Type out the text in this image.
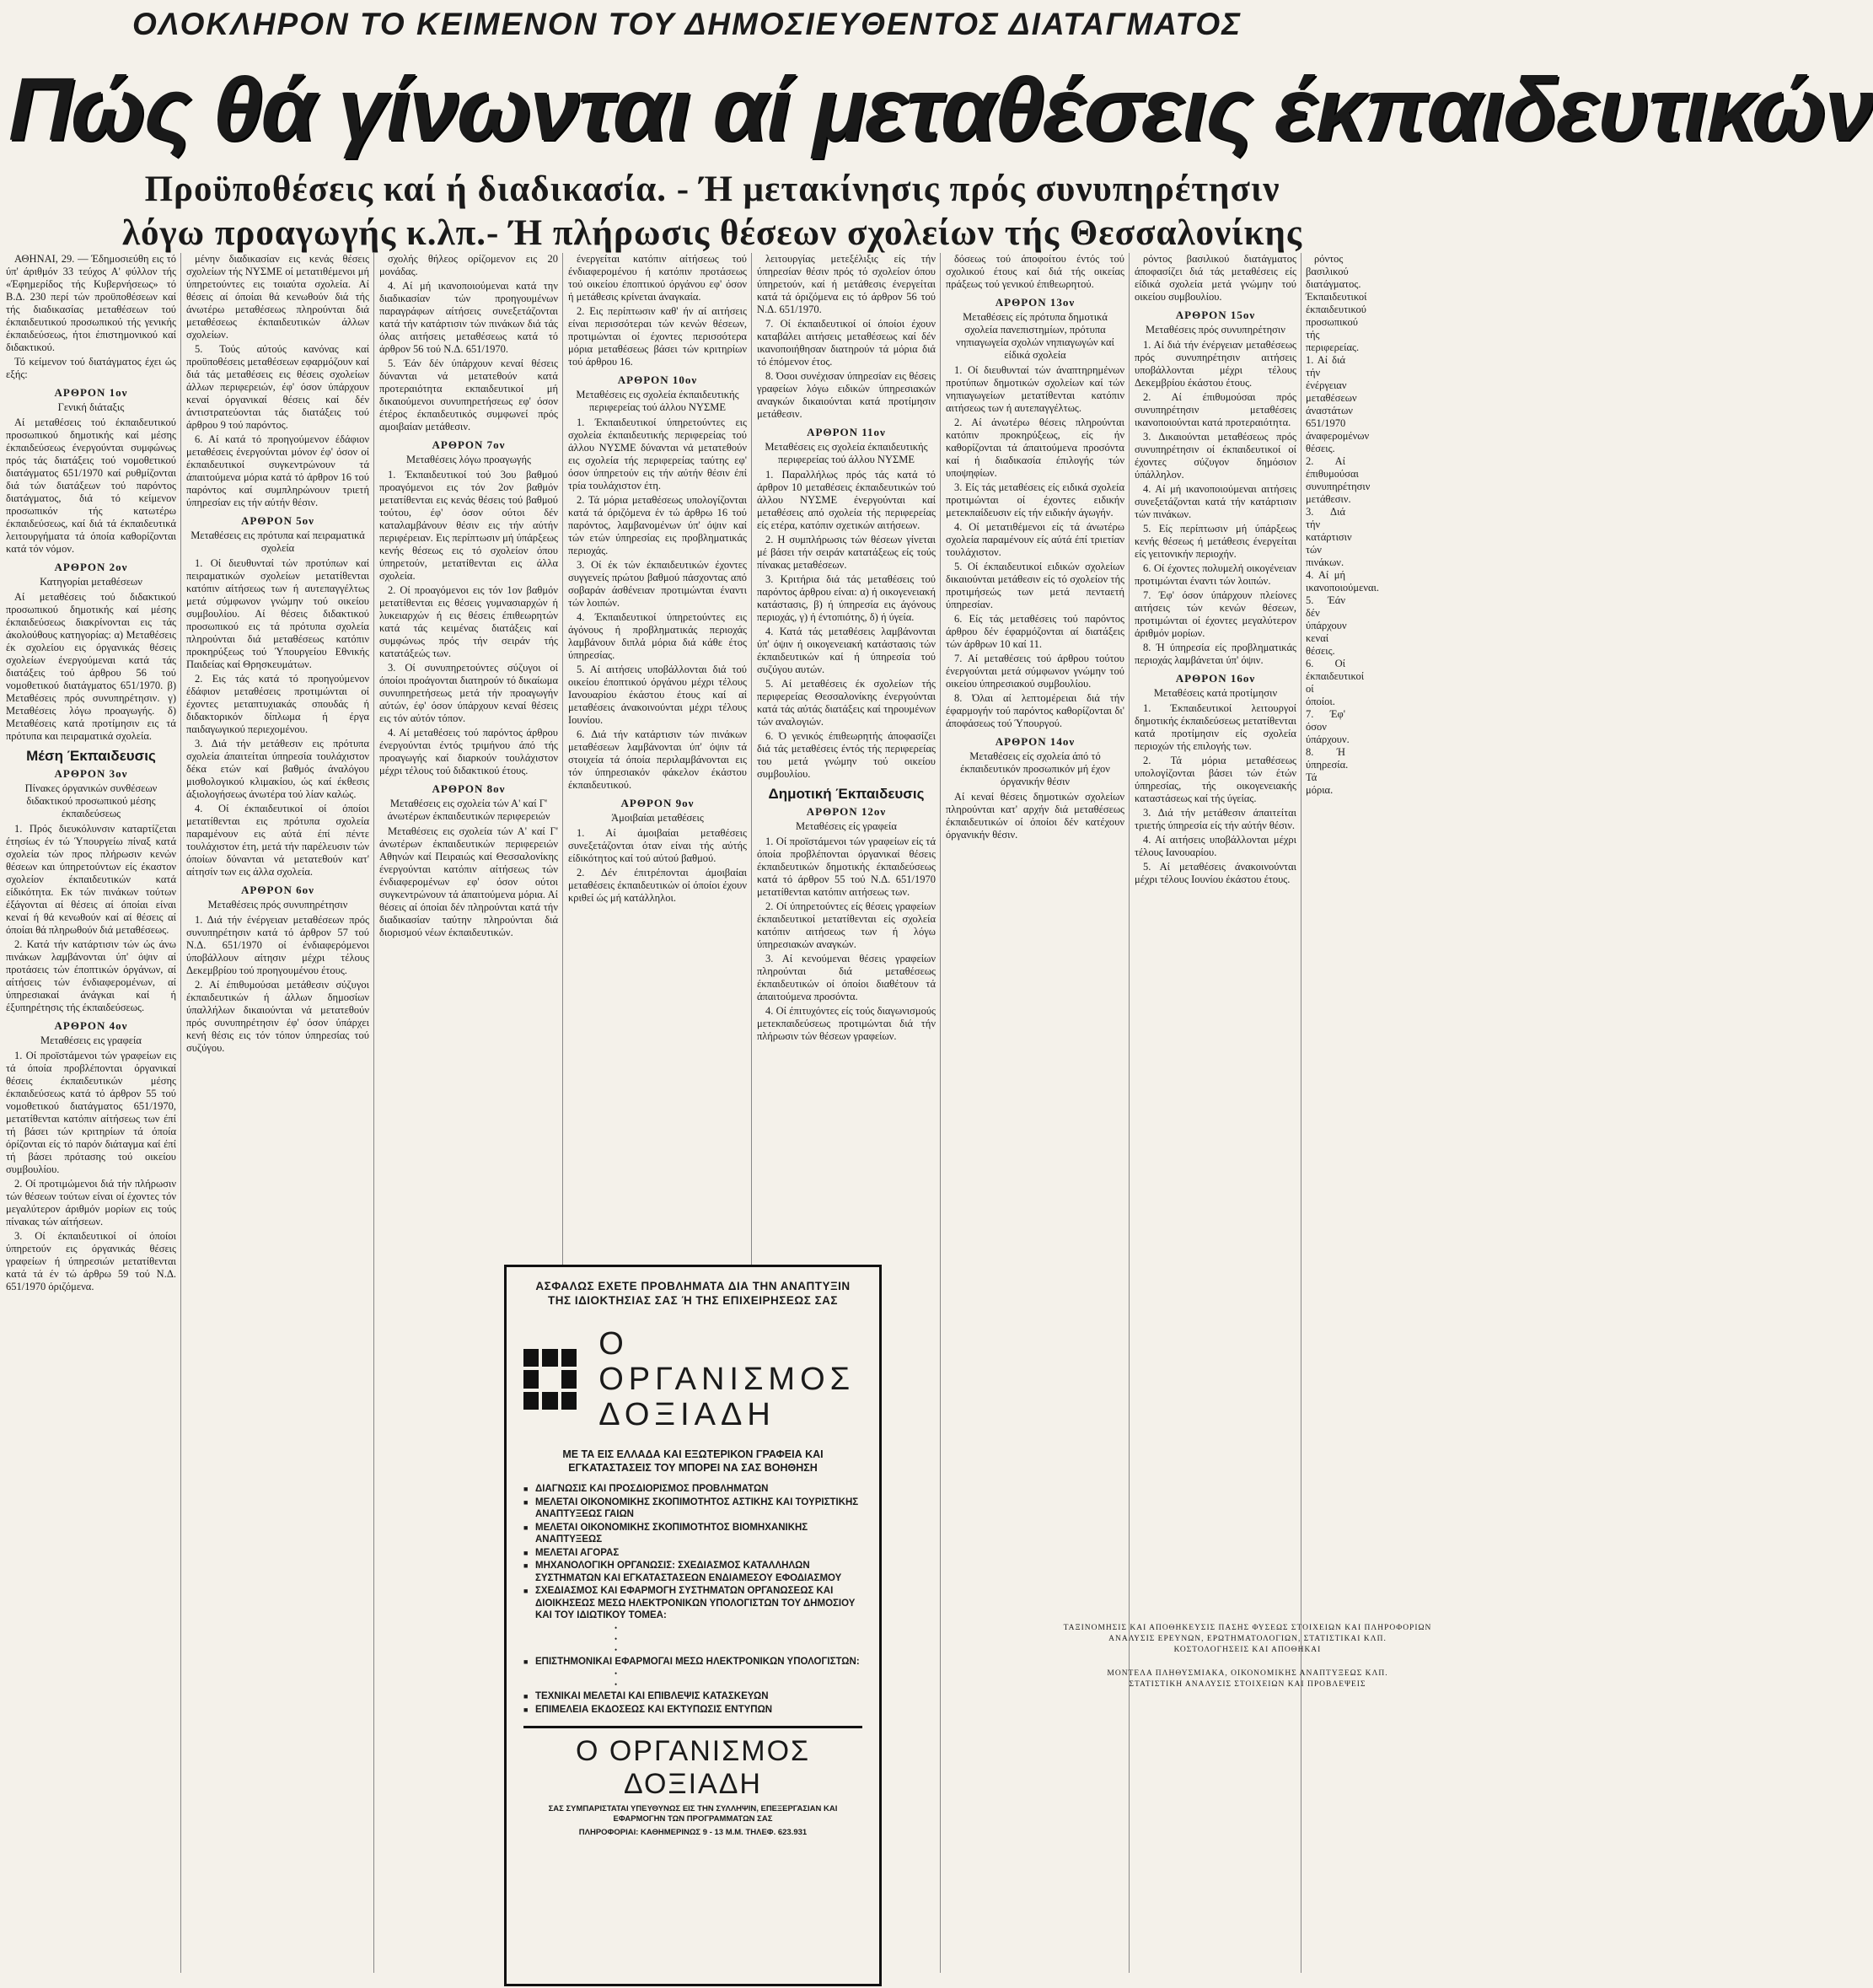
ΟΛΟΚΛΗΡΟΝ ΤΟ ΚΕΙΜΕΝΟΝ ΤΟΥ ΔΗΜΟΣΙΕΥΘΕΝΤΟΣ ΔΙΑΤΑΓΜΑΤΟΣ
Πώς θά γίνωνται αί μεταθέσεις έκπαιδευτικών
Προϋποθέσεις καί ή διαδικασία. - Ή μετακίνησις πρός συνυπηρέτησιν
λόγω προαγωγής κ.λπ.- Ή πλήρωσις θέσεων σχολείων τής Θεσσαλονίκης

ΑΘΗΝΑΙ, 29. — Έδημοσιεύθη εις τό ύπ' άριθμόν 33 τεύχος Α' φύλλον τής «Έφημερίδος τής Κυβερνήσεως» τό Β.Δ. 230 περί τών προϋποθέσεων καί τής διαδικασίας μεταθέσεων τού έκπαιδευτικού προσωπικού τής γενικής έκπαιδεύσεως, ήτοι έπιστημονικού καί διδακτικού.

Τό κείμενον τού διατάγματος έχει ώς εξής:

ΑΡΘΡΟΝ 1ον
Γενική διάταξις

Αί μεταθέσεις τού έκπαιδευτικού προσωπικού δημοτικής καί μέσης έκπαιδεύσεως ένεργούνται συμφώνως πρός τάς διατάξεις τού νομοθετικού διατάγματος 651/1970 καί ρυθμίζονται διά τών διατάξεων τού παρόντος διατάγματος, διά τό κείμενον προσωπικόν τής κατωτέρω έκπαιδεύσεως, καί διά τά έκπαιδευτικά λειτουργήματα τά όποία καθορίζονται κατά τόν νόμον.

ΑΡΘΡΟΝ 2ον
Κατηγορίαι μεταθέσεων

Αί μεταθέσεις τού διδακτικού προσωπικού δημοτικής καί μέσης έκπαιδεύσεως διακρίνονται εις τάς άκολούθους κατηγορίας: α) Μεταθέσεις έκ σχολείου εις όργανικάς θέσεις σχολείων ένεργούμεναι κατά τάς διατάξεις τού άρθρου 56 τού νομοθετικού διατάγματος 651/1970. β) Μεταθέσεις πρός συνυπηρέτησιν. γ) Μεταθέσεις λόγω προαγωγής. δ) Μεταθέσεις κατά προτίμησιν εις τά πρότυπα και πειραματικά σχολεία.

Μέση Έκπαιδευσις
ΑΡΘΡΟΝ 3ον
Πίνακες όργανικών συνθέσεων διδακτικού προσωπικού μέσης έκπαιδεύσεως

1. Πρός διευκόλυνσιν καταρτίζεται έτησίως έν τώ Ύπουργείω πίναξ κατά σχολεία τών προς πλήρωσιν κενών θέσεων και ύπηρετούντων είς έκαστον σχολείον έκπαιδευτικών κατά είδικότητα. Εκ τών πινάκων τούτων έξάγονται αί θέσεις αί όποίαι είναι κεναί ή θά κενωθούν καί αί θέσεις αί όποίαι θά πληρωθούν διά μεταθέσεως.

2. Κατά τήν κατάρτισιν τών ώς άνω πινάκων λαμβάνονται ύπ' όψιν αί προτάσεις τών έποπτικών όργάνων, αί αίτήσεις τών ένδιαφερομένων, αί ύπηρεσιακαί άνάγκαι καί ή έξυπηρέτησις τής έκπαιδεύσεως.

ΑΡΘΡΟΝ 4ον
Μεταθέσεις εις γραφεία

1. Οί προϊστάμενοι τών γραφείων εις τά όποία προβλέπονται όργανικαί θέσεις έκπαιδευτικών μέσης έκπαιδεύσεως κατά τό άρθρον 55 τού νομοθετικού διατάγματος 651/1970, μετατίθενται κατόπιν αίτήσεως των έπί τή βάσει τών κριτηρίων τά όποία όρίζονται είς τό παρόν διάταγμα καί έπί τή βάσει πρότασης τού οικείου συμβουλίου.

2. Οί προτιμώμενοι διά τήν πλήρωσιν τών θέσεων τούτων είναι οί έχοντες τόν μεγαλύτερον άριθμόν μορίων εις τούς πίνακας τών αίτήσεων.

3. Οί έκπαιδευτικοί οί όποίοι ύπηρετούν εις όργανικάς θέσεις γραφείων ή ύπηρεσιών μετατίθενται κατά τά έν τώ άρθρω 59 τού Ν.Δ. 651/1970 όριζόμενα.

μένην διαδικασίαν εις κενάς θέσεις σχολείων τής ΝΥΣΜΕ οί μετατιθέμενοι μή ύπηρετούντες εις τοιαύτα σχολεία. Αί θέσεις αί όποίαι θά κενωθούν διά τής άνωτέρω μεταθέσεως πληρούνται διά μεταθέσεως έκπαιδευτικών άλλων σχολείων.

5. Τούς αύτούς κανόνας καί προϋποθέσεις μεταθέσεων εφαρμόζουν καί διά τάς μεταθέσεις εις θέσεις σχολείων άλλων περιφερειών, έφ' όσον ύπάρχουν κεναί όργανικαί θέσεις καί δέν άντιστρατεύονται τάς διατάξεις τού άρθρου 9 τού παρόντος.

6. Αί κατά τό προηγούμενον έδάφιον μεταθέσεις ένεργούνται μόνον έφ' όσον οί έκπαιδευτικοί συγκεντρώνουν τά άπαιτούμενα μόρια κατά τό άρθρον 16 τού παρόντος καί συμπληρώνουν τριετή ύπηρεσίαν εις τήν αύτήν θέσιν.

ΑΡΘΡΟΝ 5ον
Μεταθέσεις εις πρότυπα καί πειραματικά σχολεία

1. Οί διευθυνταί τών προτύπων καί πειραματικών σχολείων μετατίθενται κατόπιν αίτήσεως των ή αυτεπαγγέλτως μετά σύμφωνον γνώμην τού οικείου συμβουλίου. Αί θέσεις διδακτικού προσωπικού εις τά πρότυπα σχολεία πληρούνται διά μεταθέσεως κατόπιν προκηρύξεως τού Ύπουργείου Εθνικής Παιδείας καί Θρησκευμάτων.

2. Εις τάς κατά τό προηγούμενον έδάφιον μεταθέσεις προτιμώνται οί έχοντες μεταπτυχιακάς σπουδάς ή διδακτορικόν δίπλωμα ή έργα παιδαγωγικού περιεχομένου.

3. Διά τήν μετάθεσιν εις πρότυπα σχολεία άπαιτείται ύπηρεσία τουλάχιστον δέκα ετών καί βαθμός άναλόγου μισθολογικού κλιμακίου, ώς καί έκθεσις άξιολογήσεως άνωτέρα τού λίαν καλώς.

4. Οί έκπαιδευτικοί οί όποίοι μετατίθενται εις πρότυπα σχολεία παραμένουν εις αύτά έπί πέντε τουλάχιστον έτη, μετά τήν παρέλευσιν τών όποίων δύνανται νά μετατεθούν κατ' αίτησίν των εις άλλα σχολεία.

ΑΡΘΡΟΝ 6ον
Μεταθέσεις πρός συνυπηρέτησιν

1. Διά τήν ένέργειαν μεταθέσεων πρός συνυπηρέτησιν κατά τό άρθρον 57 τού Ν.Δ. 651/1970 οί ένδιαφερόμενοι ύποβάλλουν αίτησιν μέχρι τέλους Δεκεμβρίου τού προηγουμένου έτους.

2. Αί έπιθυμούσαι μετάθεσιν σύζυγοι έκπαιδευτικών ή άλλων δημοσίων ύπαλλήλων δικαιούνται νά μετατεθούν πρός συνυπηρέτησιν έφ' όσον ύπάρχει κενή θέσις εις τόν τόπον ύπηρεσίας τού συζύγου.

σχολής θήλεος ορίζομενον εις 20 μονάδας.

4. Αί μή ικανοποιούμεναι κατά την διαδικασίαν τών προηγουμένων παραγράφων αίτήσεις συνεξετάζονται κατά τήν κατάρτισιν τών πινάκων διά τάς όλας αιτήσεις μεταθέσεως κατά τό άρθρον 56 τού Ν.Δ. 651/1970.

5. Έάν δέν ύπάρχουν κεναί θέσεις δύνανται νά μετατεθούν κατά προτεραιότητα εκπαιδευτικοί μή δικαιούμενοι συνυπηρετήσεως εφ' όσον έτέρος έκπαιδευτικός συμφωνεί πρός αμοιβαίαν μετάθεσιν.

ΑΡΘΡΟΝ 7ον
Μεταθέσεις λόγω προαγωγής

1. Έκπαιδευτικοί τού 3ου βαθμού προαγόμενοι εις τόν 2ον βαθμόν μετατίθενται εις κενάς θέσεις τού βαθμού τούτου, έφ' όσον ούτοι δέν καταλαμβάνουν θέσιν εις τήν αύτήν περιφέρειαν. Εις περίπτωσιν μή ύπάρξεως κενής θέσεως εις τό σχολείον όπου ύπηρετούν, μετατίθενται εις άλλα σχολεία.

2. Οί προαγόμενοι εις τόν 1ον βαθμόν μετατίθενται εις θέσεις γυμνασιαρχών ή λυκειαρχών ή εις θέσεις έπιθεωρητών κατά τάς κειμένας διατάξεις καί συμφώνως πρός τήν σειράν τής κατατάξεώς των.

3. Οί συνυπηρετούντες σύζυγοι οί όποίοι προάγονται διατηρούν τό δικαίωμα συνυπηρετήσεως μετά τήν προαγωγήν αύτών, έφ' όσον ύπάρχουν κεναί θέσεις εις τόν αύτόν τόπον.

4. Αί μεταθέσεις τού παρόντος άρθρου ένεργούνται έντός τριμήνου άπό τής προαγωγής καί διαρκούν τουλάχιστον μέχρι τέλους τού διδακτικού έτους.

ΑΡΘΡΟΝ 8ον
Μεταθέσεις εις σχολεία τών Α' καί Γ' άνωτέρων έκπαιδευτικών περιφερειών

Μεταθέσεις εις σχολεία τών Α' καί Γ' άνωτέρων έκπαιδευτικών περιφερειών Αθηνών καί Πειραιώς καί Θεσσαλονίκης ένεργούνται κατόπιν αίτήσεως τών ένδιαφερομένων εφ' όσον ούτοι συγκεντρώνουν τά άπαιτούμενα μόρια. Αί θέσεις αί όποίαι δέν πληρούνται κατά τήν διαδικασίαν ταύτην πληρούνται διά διορισμού νέων έκπαιδευτικών.

ένεργείται κατόπιν αίτήσεως τού ένδιαφερομένου ή κατόπιν προτάσεως τού οικείου έποπτικού όργάνου εφ' όσον ή μετάθεσις κρίνεται άναγκαία.

2. Εις περίπτωσιν καθ' ήν αί αιτήσεις είναι περισσότεραι τών κενών θέσεων, προτιμώνται οί έχοντες περισσότερα μόρια μεταθέσεως βάσει τών κριτηρίων τού άρθρου 16.

ΑΡΘΡΟΝ 10ον
Μεταθέσεις εις σχολεία έκπαιδευτικής περιφερείας τού άλλου ΝΥΣΜΕ

1. Έκπαιδευτικοί ύπηρετούντες εις σχολεία έκπαιδευτικής περιφερείας τού άλλου ΝΥΣΜΕ δύνανται νά μετατεθούν εις σχολεία τής περιφερείας ταύτης εφ' όσον ύπηρετούν εις τήν αύτήν θέσιν έπί τρία τουλάχιστον έτη.

2. Τά μόρια μεταθέσεως υπολογίζονται κατά τά όριζόμενα έν τώ άρθρω 16 τού παρόντος, λαμβανομένων ύπ' όψιν καί τών ετών ύπηρεσίας εις προβληματικάς περιοχάς.

3. Οί έκ τών έκπαιδευτικών έχοντες συγγενείς πρώτου βαθμού πάσχοντας από σοβαράν άσθένειαν προτιμώνται έναντι τών λοιπών.

4. Έκπαιδευτικοί ύπηρετούντες εις άγόνους ή προβληματικάς περιοχάς λαμβάνουν διπλά μόρια διά κάθε έτος ύπηρεσίας.

5. Αί αιτήσεις υποβάλλονται διά τού οικείου έποπτικού όργάνου μέχρι τέλους Ιανουαρίου έκάστου έτους καί αί μεταθέσεις άνακοινούνται μέχρι τέλους Ιουνίου.

6. Διά τήν κατάρτισιν τών πινάκων μεταθέσεων λαμβάνονται ύπ' όψιν τά στοιχεία τά όποία περιλαμβάνονται εις τόν ύπηρεσιακόν φάκελον έκάστου έκπαιδευτικού.

ΑΡΘΡΟΝ 9ον
Άμοιβαίαι μεταθέσεις

1. Αί άμοιβαίαι μεταθέσεις συνεξετάζονται όταν είναι τής αύτής είδικότητος καί τού αύτού βαθμού.

2. Δέν έπιτρέπονται άμοιβαίαι μεταθέσεις έκπαιδευτικών οί όποίοι έχουν κριθεί ώς μή κατάλληλοι.

λειτουργίας μετεξέλιξις είς τήν ύπηρεσίαν θέσιν πρός τό σχολείον όπου ύπηρετούν, καί ή μετάθεσις ένεργείται κατά τά όριζόμενα εις τό άρθρον 56 τού Ν.Δ. 651/1970.

7. Οί έκπαιδευτικοί οί όποίοι έχουν καταβάλει αιτήσεις μεταθέσεως καί δέν ικανοποιήθησαν διατηρούν τά μόρια διά τό έπόμενον έτος.

8. Όσοι συνέχισαν ύπηρεσίαν εις θέσεις γραφείων λόγω ειδικών ύπηρεσιακών αναγκών δικαιούνται κατά προτίμησιν μετάθεσιν.

ΑΡΘΡΟΝ 11ον
Μεταθέσεις εις σχολεία έκπαιδευτικής περιφερείας τού άλλου ΝΥΣΜΕ

1. Παραλλήλως πρός τάς κατά τό άρθρον 10 μεταθέσεις έκπαιδευτικών τού άλλου ΝΥΣΜΕ ένεργούνται καί μεταθέσεις από σχολεία τής περιφερείας είς ετέρα, κατόπιν σχετικών αιτήσεων.

2. Η συμπλήρωσις τών θέσεων γίνεται μέ βάσει τήν σειράν κατατάξεως είς τούς πίνακας μεταθέσεων.

3. Κριτήρια διά τάς μεταθέσεις τού παρόντος άρθρου είναι: α) ή οικογενειακή κατάστασις, β) ή ύπηρεσία εις άγόνους περιοχάς, γ) ή έντοπιότης, δ) ή ύγεία.

4. Κατά τάς μεταθέσεις λαμβάνονται ύπ' όψιν ή οικογενειακή κατάστασις τών έκπαιδευτικών καί ή ύπηρεσία τού συζύγου αυτών.

5. Αί μεταθέσεις έκ σχολείων τής περιφερείας Θεσσαλονίκης ένεργούνται κατά τάς αύτάς διατάξεις καί τηρουμένων τών αναλογιών.

6. Ό γενικός έπιθεωρητής άποφασίζει διά τάς μεταθέσεις έντός τής περιφερείας του μετά γνώμην τού οικείου συμβουλίου.

Δημοτική Έκπαιδευσις
ΑΡΘΡΟΝ 12ον
Μεταθέσεις είς γραφεία

1. Οί προϊστάμενοι τών γραφείων είς τά όποία προβλέπονται όργανικαί θέσεις έκπαιδευτικών δημοτικής έκπαιδεύσεως κατά τό άρθρον 55 τού Ν.Δ. 651/1970 μετατίθενται κατόπιν αιτήσεως των.

2. Οί ύπηρετούντες είς θέσεις γραφείων έκπαιδευτικοί μετατίθενται είς σχολεία κατόπιν αιτήσεως των ή λόγω ύπηρεσιακών αναγκών.

3. Αί κενούμεναι θέσεις γραφείων πληρούνται διά μεταθέσεως έκπαιδευτικών οί όποίοι διαθέτουν τά άπαιτούμενα προσόντα.

4. Οί έπιτυχόντες είς τούς διαγωνισμούς μετεκπαιδεύσεως προτιμώνται διά τήν πλήρωσιν τών θέσεων γραφείων.

δόσεως τού άποφοίτου έντός τού σχολικού έτους καί διά τής οικείας πράξεως τού γενικού έπιθεωρητού.

ΑΡΘΡΟΝ 13ον
Μεταθέσεις είς πρότυπα δημοτικά σχολεία πανεπιστημίων, πρότυπα νηπιαγωγεία σχολών νηπιαγωγών καί είδικά σχολεία

1. Οί διευθυνταί τών άναπτηρημένων προτύπων δημοτικών σχολείων καί τών νηπιαγωγείων μετατίθενται κατόπιν αιτήσεως των ή αυτεπαγγέλτως.

2. Αί άνωτέρω θέσεις πληρούνται κατόπιν προκηρύξεως, είς ήν καθορίζονται τά άπαιτούμενα προσόντα καί ή διαδικασία έπιλογής τών υποψηφίων.

3. Είς τάς μεταθέσεις είς ειδικά σχολεία προτιμώνται οί έχοντες ειδικήν μετεκπαίδευσιν είς τήν ειδικήν άγωγήν.

4. Οί μετατιθέμενοι είς τά άνωτέρω σχολεία παραμένουν είς αύτά έπί τριετίαν τουλάχιστον.

5. Οί έκπαιδευτικοί ειδικών σχολείων δικαιούνται μετάθεσιν είς τό σχολείον τής προτιμήσεώς των μετά πενταετή ύπηρεσίαν.

6. Είς τάς μεταθέσεις τού παρόντος άρθρου δέν έφαρμόζονται αί διατάξεις τών άρθρων 10 καί 11.

7. Αί μεταθέσεις τού άρθρου τούτου ένεργούνται μετά σύμφωνον γνώμην τού οικείου ύπηρεσιακού συμβουλίου.

8. Όλαι αί λεπτομέρειαι διά τήν έφαρμογήν τού παρόντος καθορίζονται δι' άποφάσεως τού Ύπουργού.

ΑΡΘΡΟΝ 14ον
Μεταθέσεις είς σχολεία άπό τό έκπαιδευτικόν προσωπικόν μή έχον όργανικήν θέσιν

Αί κεναί θέσεις δημοτικών σχολείων πληρούνται κατ' αρχήν διά μεταθέσεως έκπαιδευτικών οί όποίοι δέν κατέχουν όργανικήν θέσιν.

ρόντος βασιλικού διατάγματος άποφασίζει διά τάς μεταθέσεις είς είδικά σχολεία μετά γνώμην τού οικείου συμβουλίου.

ΑΡΘΡΟΝ 15ον
Μεταθέσεις πρός συνυπηρέτησιν

1. Αί διά τήν ένέργειαν μεταθέσεως πρός συνυπηρέτησιν αιτήσεις υποβάλλονται μέχρι τέλους Δεκεμβρίου έκάστου έτους.

2. Αί έπιθυμούσαι πρός συνυπηρέτησιν μεταθέσεις ικανοποιούνται κατά προτεραιότητα.

3. Δικαιούνται μεταθέσεως πρός συνυπηρέτησιν οί έκπαιδευτικοί οί έχοντες σύζυγον δημόσιον ύπάλληλον.

4. Αί μή ικανοποιούμεναι αιτήσεις συνεξετάζονται κατά τήν κατάρτισιν τών πινάκων.

5. Είς περίπτωσιν μή ύπάρξεως κενής θέσεως ή μετάθεσις ένεργείται είς γειτονικήν περιοχήν.

6. Οί έχοντες πολυμελή οικογένειαν προτιμώνται έναντι τών λοιπών.

7. Έφ' όσον ύπάρχουν πλείονες αιτήσεις τών κενών θέσεων, προτιμώνται οί έχοντες μεγαλύτερον άριθμόν μορίων.

8. Ή ύπηρεσία είς προβληματικάς περιοχάς λαμβάνεται ύπ' όψιν.

ΑΡΘΡΟΝ 16ον
Μεταθέσεις κατά προτίμησιν

1. Έκπαιδευτικοί λειτουργοί δημοτικής έκπαιδεύσεως μετατίθενται κατά προτίμησιν είς σχολεία περιοχών τής επιλογής των.

2. Τά μόρια μεταθέσεως υπολογίζονται βάσει τών έτών ύπηρεσίας, τής οικογενειακής καταστάσεως καί τής ύγείας.

3. Διά τήν μετάθεσιν άπαιτείται τριετής ύπηρεσία είς τήν αύτήν θέσιν.

4. Αί αιτήσεις υποβάλλονται μέχρι τέλους Ιανουαρίου.

5. Αί μεταθέσεις άνακοινούνται μέχρι τέλους Ιουνίου έκάστου έτους.

ρόντος βασιλικού διατάγματος. Έκπαιδευτικοί έκπαιδευτικού προσωπικού τής περιφερείας. 1. Αί διά τήν ένέργειαν μεταθέσεων άναστάτων 651/1970 άναφερομένων θέσεις. 2. Αί έπιθυμούσαι συνυπηρέτησιν μετάθεσιν. 3. Διά τήν κατάρτισιν τών πινάκων. 4. Αί μή ικανοποιούμεναι. 5. Έάν δέν ύπάρχουν κεναί θέσεις. 6. Οί έκπαιδευτικοί οί όποίοι. 7. Έφ' όσον ύπάρχουν. 8. Ή ύπηρεσία. Τά μόρια.

ΑΣΦΑΛΩΣ ΕΧΕΤΕ ΠΡΟΒΛΗΜΑΤΑ ΔΙΑ ΤΗΝ ΑΝΑΠΤΥΞΙΝ ΤΗΣ ΙΔΙΟΚΤΗΣΙΑΣ ΣΑΣ Ή ΤΗΣ ΕΠΙΧΕΙΡΗΣΕΩΣ ΣΑΣ
Ο ΟΡΓΑΝΙΣΜΟΣ
ΔΟΞΙΑΔΗ
ΜΕ ΤΑ ΕΙΣ ΕΛΛΑΔΑ ΚΑΙ ΕΞΩΤΕΡΙΚΟΝ ΓΡΑΦΕΙΑ ΚΑΙ ΕΓΚΑΤΑΣΤΑΣΕΙΣ ΤΟΥ ΜΠΟΡΕΙ ΝΑ ΣΑΣ ΒΟΗΘΗΣΗ
■ ΔΙΑΓΝΩΣΙΣ ΚΑΙ ΠΡΟΣΔΙΟΡΙΣΜΟΣ ΠΡΟΒΛΗΜΑΤΩΝ
■ ΜΕΛΕΤΑΙ ΟΙΚΟΝΟΜΙΚΗΣ ΣΚΟΠΙΜΟΤΗΤΟΣ ΑΣΤΙΚΗΣ ΚΑΙ ΤΟΥΡΙΣΤΙΚΗΣ ΑΝΑΠΤΥΞΕΩΣ ΓΑΙΩΝ
■ ΜΕΛΕΤΑΙ ΟΙΚΟΝΟΜΙΚΗΣ ΣΚΟΠΙΜΟΤΗΤΟΣ ΒΙΟΜΗΧΑΝΙΚΗΣ ΑΝΑΠΤΥΞΕΩΣ
■ ΜΕΛΕΤΑΙ ΑΓΟΡΑΣ
■ ΜΗΧΑΝΟΛΟΓΙΚΗ ΟΡΓΑΝΩΣΙΣ: ΣΧΕΔΙΑΣΜΟΣ ΚΑΤΑΛΛΗΛΩΝ ΣΥΣΤΗΜΑΤΩΝ ΚΑΙ ΕΓΚΑΤΑΣΤΑΣΕΩΝ ΕΝΔΙΑΜΕΣΟΥ ΕΦΟΔΙΑΣΜΟΥ
■ ΣΧΕΔΙΑΣΜΟΣ ΚΑΙ ΕΦΑΡΜΟΓΗ ΣΥΣΤΗΜΑΤΩΝ ΟΡΓΑΝΩΣΕΩΣ ΚΑΙ ΔΙΟΙΚΗΣΕΩΣ ΜΕΣΩ ΗΛΕΚΤΡΟΝΙΚΩΝ ΥΠΟΛΟΓΙΣΤΩΝ ΤΟΥ ΔΗΜΟΣΙΟΥ ΚΑΙ ΤΟΥ ΙΔΙΩΤΙΚΟΥ ΤΟΜΕΑ:
• ΤΑΞΙΝΟΜΗΣΙΣ ΚΑΙ ΑΠΟΘΗΚΕΥΣΙΣ ΠΑΣΗΣ ΦΥΣΕΩΣ ΣΤΟΙΧΕΙΩΝ ΚΑΙ ΠΛΗΡΟΦΟΡΙΩΝ
• ΑΝΑΛΥΣΙΣ ΕΡΕΥΝΩΝ, ΕΡΩΤΗΜΑΤΟΛΟΓΙΩΝ, ΣΤΑΤΙΣΤΙΚΑΙ ΚΛΠ.
• ΚΟΣΤΟΛΟΓΗΣΕΙΣ ΚΑΙ ΑΠΟΘΗΚΑΙ
■ ΕΠΙΣΤΗΜΟΝΙΚΑΙ ΕΦΑΡΜΟΓΑΙ ΜΕΣΩ ΗΛΕΚΤΡΟΝΙΚΩΝ ΥΠΟΛΟΓΙΣΤΩΝ:
• ΜΟΝΤΕΛΑ ΠΛΗΘΥΣΜΙΑΚΑ, ΟΙΚΟΝΟΜΙΚΗΣ ΑΝΑΠΤΥΞΕΩΣ ΚΛΠ.
• ΣΤΑΤΙΣΤΙΚΗ ΑΝΑΛΥΣΙΣ ΣΤΟΙΧΕΙΩΝ ΚΑΙ ΠΡΟΒΛΕΨΕΙΣ
■ ΤΕΧΝΙΚΑΙ ΜΕΛΕΤΑΙ ΚΑΙ ΕΠΙΒΛΕΨΙΣ ΚΑΤΑΣΚΕΥΩΝ
■ ΕΠΙΜΕΛΕΙΑ ΕΚΔΟΣΕΩΣ ΚΑΙ ΕΚΤΥΠΩΣΙΣ ΕΝΤΥΠΩΝ
Ο ΟΡΓΑΝΙΣΜΟΣ ΔΟΞΙΑΔΗ
ΣΑΣ ΣΥΜΠΑΡΙΣΤΑΤΑΙ ΥΠΕΥΘΥΝΩΣ ΕΙΣ ΤΗΝ ΣΥΛΛΗΨΙΝ, ΕΠΕΞΕΡΓΑΣΙΑΝ ΚΑΙ ΕΦΑΡΜΟΓΗΝ ΤΩΝ ΠΡΟΓΡΑΜΜΑΤΩΝ ΣΑΣ
ΠΛΗΡΟΦΟΡΙΑΙ: ΚΑΘΗΜΕΡΙΝΩΣ 9 - 13 Μ.Μ. ΤΗΛΕΦ. 623.931
